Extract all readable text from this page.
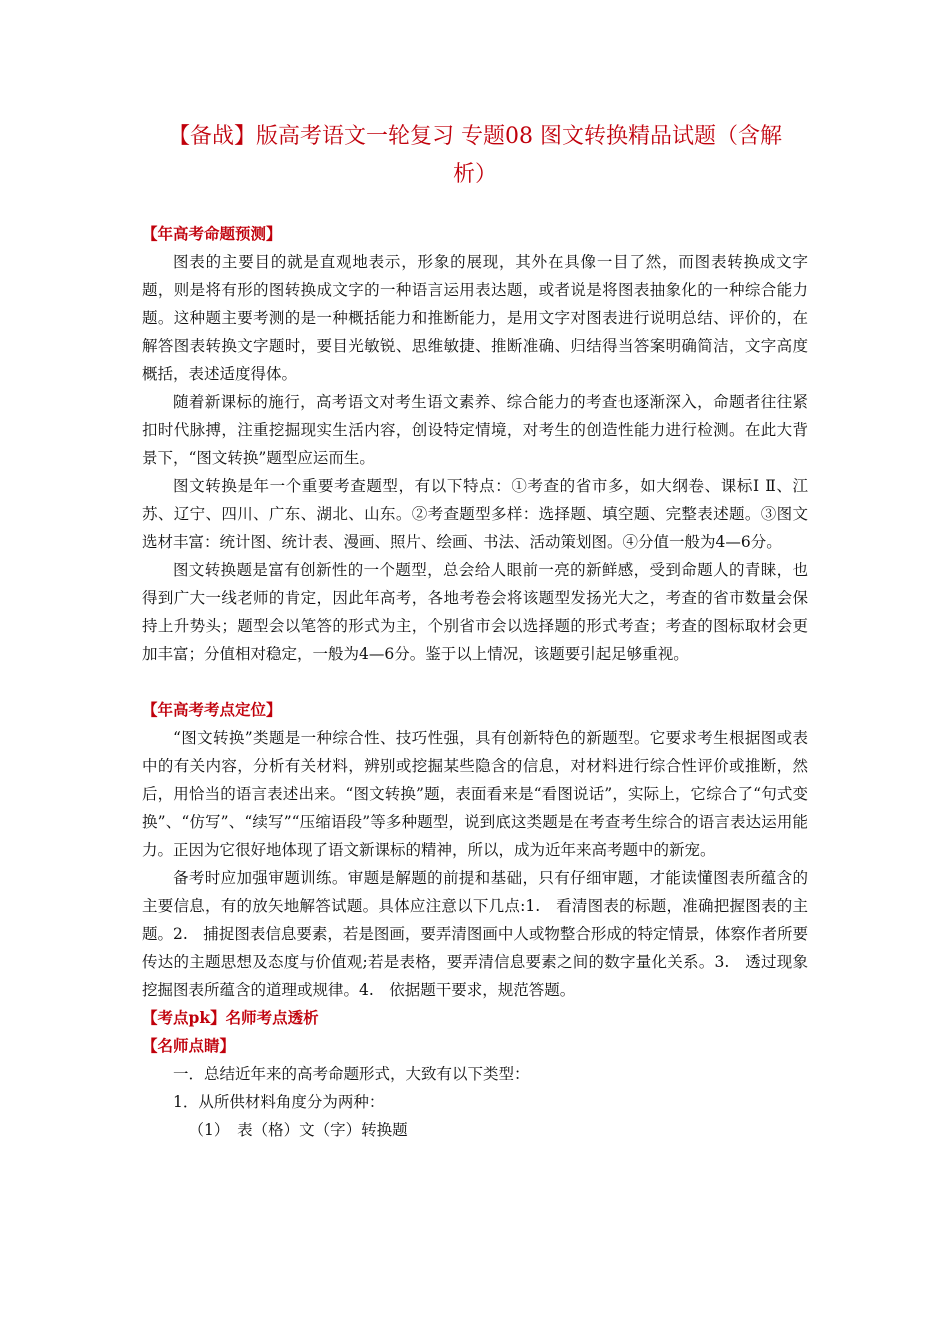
【备战】版高考语文一轮复习 专题08 图文转换精品试题（含解
析）

【年高考命题预测】

图表的主要目的就是直观地表示，形象的展现，其外在具像一目了然，而图表转换成文字题，则是将有形的图转换成文字的一种语言运用表达题，或者说是将图表抽象化的一种综合能力题。这种题主要考测的是一种概括能力和推断能力，是用文字对图表进行说明总结、评价的，在解答图表转换文字题时，要目光敏锐、思维敏捷、推断准确、归结得当答案明确简洁，文字高度概括，表述适度得体。

随着新课标的施行，高考语文对考生语文素养、综合能力的考查也逐渐深入，命题者往往紧扣时代脉搏，注重挖掘现实生活内容，创设特定情境，对考生的创造性能力进行检测。在此大背景下，“图文转换”题型应运而生。

图文转换是年一个重要考查题型，有以下特点：①考查的省市多，如大纲卷、课标Ⅰ Ⅱ、江苏、辽宁、四川、广东、湖北、山东。②考查题型多样：选择题、填空题、完整表述题。③图文选材丰富：统计图、统计表、漫画、照片、绘画、书法、活动策划图。④分值一般为4—6分。

图文转换题是富有创新性的一个题型，总会给人眼前一亮的新鲜感，受到命题人的青睐，也得到广大一线老师的肯定，因此年高考，各地考卷会将该题型发扬光大之，考查的省市数量会保持上升势头；题型会以笔答的形式为主，个别省市会以选择题的形式考查；考查的图标取材会更加丰富；分值相对稳定，一般为4—6分。鉴于以上情况，该题要引起足够重视。

【年高考考点定位】

“图文转换”类题是一种综合性、技巧性强，具有创新特色的新题型。它要求考生根据图或表中的有关内容，分析有关材料，辨别或挖掘某些隐含的信息，对材料进行综合性评价或推断，然后，用恰当的语言表述出来。“图文转换”题，表面看来是“看图说话”，实际上，它综合了“句式变换”、“仿写”、“续写”“压缩语段”等多种题型，说到底这类题是在考查考生综合的语言表达运用能力。正因为它很好地体现了语文新课标的精神，所以，成为近年来高考题中的新宠。

备考时应加强审题训练。审题是解题的前提和基础，只有仔细审题，才能读懂图表所蕴含的主要信息，有的放矢地解答试题。具体应注意以下几点:1.　看清图表的标题，准确把握图表的主题。2.　捕捉图表信息要素，若是图画，要弄清图画中人或物整合形成的特定情景，体察作者所要传达的主题思想及态度与价值观;若是表格，要弄清信息要素之间的数字量化关系。3.　透过现象挖掘图表所蕴含的道理或规律。4.　依据题干要求，规范答题。

【考点pk】名师考点透析

【名师点睛】

一．总结近年来的高考命题形式，大致有以下类型：

1．从所供材料角度分为两种：

（1）　表（格）文（字）转换题
